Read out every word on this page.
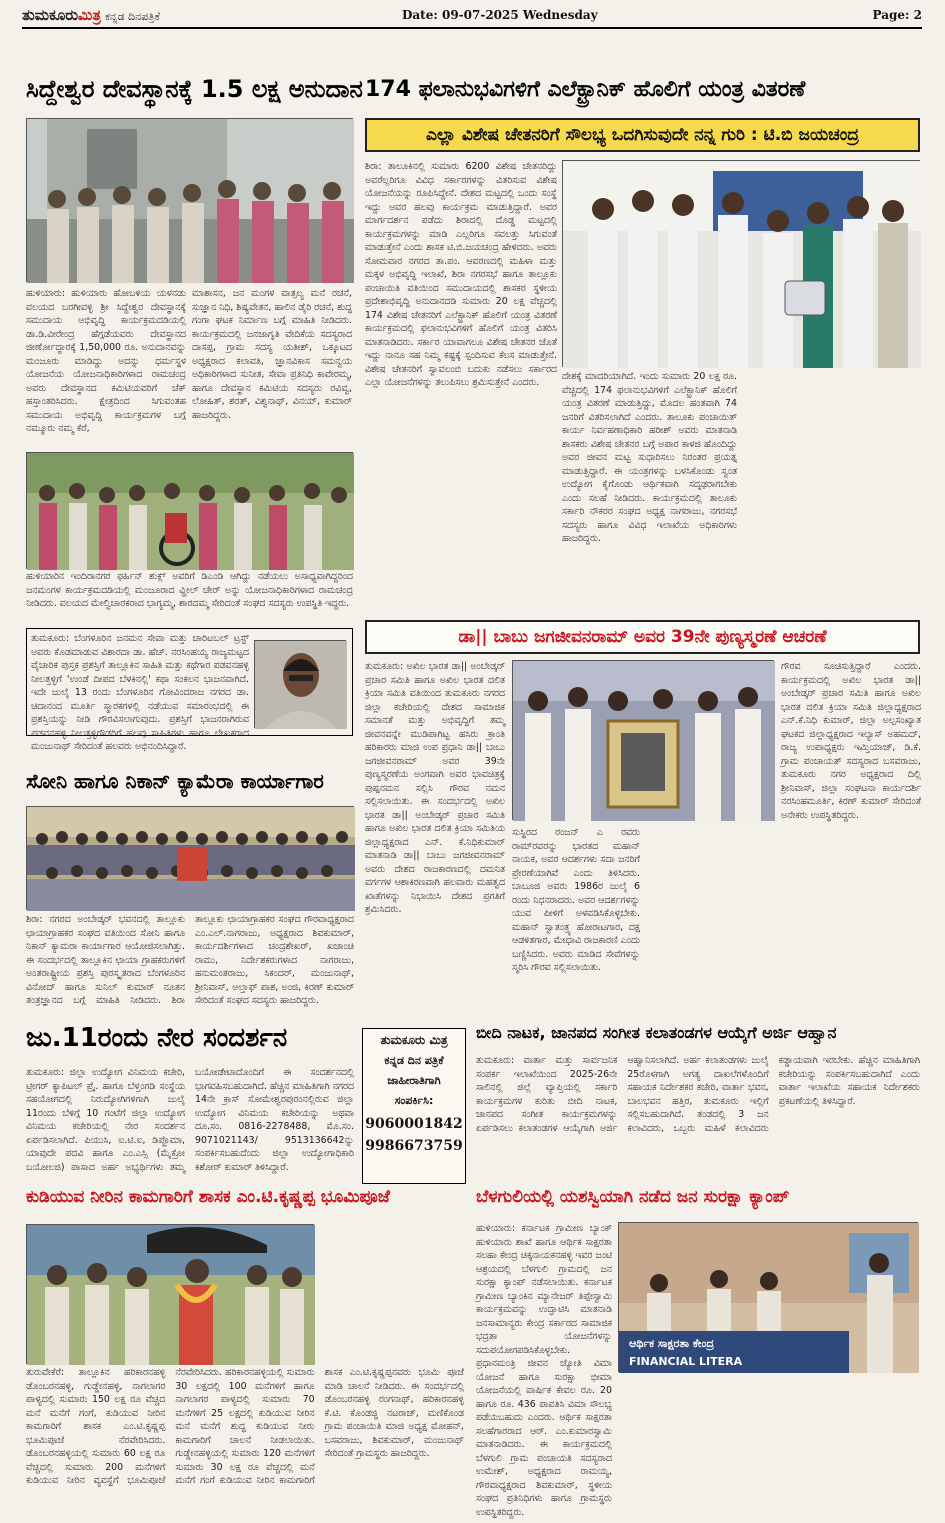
ತುಮಕೂರುಮಿತ್ರ ಕನ್ನಡ ದಿನಪತ್ರಿಕೆ	Date: 09-07-2025 Wednesday	Page: 2
ಸಿದ್ದೇಶ್ವರ ದೇವಸ್ಥಾನಕ್ಕೆ 1.5 ಲಕ್ಷ ಅನುದಾನ
ಹುಳಿಯಾರು: ಹುಳಿಯಾರು ಹೋಬಳಿಯ ಯಳನಡು ವಲಯದ ಬರಗೀವಳ್ಳಿ ಶ್ರೀ ಸಿದ್ದೇಶ್ವರ ದೇವಸ್ಥಾನಕ್ಕೆ ಸಮುದಾಯ ಅಭಿವೃದ್ಧಿ ಕಾರ್ಯಕ್ರಮದಡಿಯಲ್ಲಿ ಡಾ.ಡಿ.ವೀರೇಂದ್ರ ಹೆಗ್ಗಡೆಯವರು ದೇವಸ್ಥಾನದ ಜೀರ್ಣೋದ್ಧಾರಕ್ಕೆ 1,50,000 ರೂ. ಅನುದಾನವನ್ನು ಮಂಜೂರು ಮಾಡಿದ್ದು ಅದನ್ನು ಧರ್ಮಸ್ಥಳ ಯೋಜನೆಯ ಯೋಜನಾಧಿಕಾರಿಗಳಾದ ರಾಮಚಂದ್ರ ಅವರು ದೇವಸ್ಥಾನದ ಕಮಿಟಿಯವರಿಗೆ ಚೆಕ್ ಹಸ್ತಾಂತರಿಸಿದರು. ಕ್ಷೇತ್ರದಿಂದ ಸಿಗುವಂತಹ ಸಮುದಾಯ ಅಭಿವೃದ್ಧಿ ಕಾರ್ಯಕ್ರಮಗಳ ಬಗ್ಗೆ ನಮ್ಮೂರು ನಮ್ಮ ಕೆರೆ,
ಮಾಶಾಸನ, ಜನ ಮಂಗಳ ವಾತ್ಸಲ್ಯ ಮನೆ ರಚನೆ, ಸುಜ್ಞಾನ ನಿಧಿ, ಶಿಷ್ಯವೇತನ, ಹಾಲಿನ ಡೈರಿ ರಚನೆ, ಶುದ್ಧ ಗಂಗಾ ಘಟಕ ನಿರ್ಮಾಣ ಬಗ್ಗೆ ಮಾಹಿತಿ ನೀಡಿದರು. ಕಾರ್ಯಕ್ರಮದಲ್ಲಿ ಜನಜಾಗೃತಿ ವೇದಿಕೆಯ ಸದಸ್ಯರಾದ ದಾಸಪ್ಪ, ಗ್ರಾಮ ಸದಸ್ಯ ಯತೀಶ್, ಒಕ್ಕೂಟದ ಅಧ್ಯಕ್ಷರಾದ ಕಲಾವತಿ, ಜ್ಞಾನವಿಕಾಸ ಸಮನ್ವಯ ಅಧಿಕಾರಿಗಳಾದ ಸುನೀತ, ಸೇವಾ ಪ್ರತಿನಿಧಿ ಕಾವೇರಮ್ಮ, ಹಾಗೂ ದೇವಸ್ಥಾನ ಕಮಿಟಿಯ ಸದಸ್ಯರು ರವಿವ್ವ, ಲೋಹಿತ್, ಶರತ್, ವಿಶ್ವನಾಥ್, ವಿನಯ್, ಕುಮಾರ್ ಹಾಜರಿದ್ದರು.
ಹುಳಿಯಾರಿನ ಇಂದಿರಾನಗರ ಫರ್ಹಿನ್ ಶುಕ್ಲ್ ಅವರಿಗೆ ಡಿಎಂಡಿ ಆಗಿದ್ದು ನಡೆಯಲು ಅಸಾಧ್ಯವಾಗಿದ್ದರಿಂದ ಜನಮಂಗಳ ಕಾರ್ಯಕ್ರಮದಡಿಯಲ್ಲಿ ಮಂಜೂರಾದ ವ್ಹೀಲ್ ಚೇರ್ ಅನ್ನು ಯೋಜನಾಧಿಕಾರಿಗಳಾದ ರಾಮಚಂದ್ರ ನೀಡಿದರು. ವಲಯದ ಮೇಲ್ವಿಚಾರಕರಾದ ಭಾಗ್ಯಮ್ಮ, ಶಾರದಮ್ಮ ಸೇರಿದಂತೆ ಸಂಘದ ಸದಸ್ಯರು ಉಪಸ್ಥಿತಿ ಇದ್ದರು.
ತುಮಕೂರು: ಬೆಂಗಳೂರಿನ ಜನಮನ ಸೇವಾ ಮತ್ತು ಚಾರಿಟಬಲ್ ಟ್ರಸ್ಟ್ ಅವರು ಕೊಡಮಾಡುವ ವಿಶಾರದಾ ಡಾ. ಹೆಚ್. ನರಸಿಂಹಯ್ಯ ರಾಜ್ಯಮಟ್ಟದ ವೈಚಾರಿಕ ಪುಸ್ತಕ ಪ್ರಶಸ್ತಿಗೆ ತಾಲ್ಲೂಕಿನ ಸಾಹಿತಿ ಮತ್ತು ಕಥೆಗಾರ ಪಡವನಹಳ್ಳಿ ನೀಲತ್ತಳ್ಳಿಗೆ 'ಉಂಡೆ ದೀಪದ ಬೆಳಕಿನಲ್ಲಿ' ಕಥಾ ಸಂಕಲನ ಭಾಜನವಾಗಿದೆ. ಇದೇ ಜುಲೈ 13 ರಂದು ಬೆಂಗಳೂರಿನ ಗೋವಿಂದರಾಜ ನಗರದ ಡಾ. ಚಿದಾನಂದ ಮೂರ್ತಿ ಸ್ಮಾರಕಗಳಲ್ಲಿ ನಡೆಯುವ ಸಮಾರಂಭದಲ್ಲಿ ಈ ಪ್ರಶಸ್ತಿಯನ್ನು ನೀಡಿ ಗೌರವಿಸಲಾಗುವುದು. ಪ್ರಶಸ್ತಿಗೆ ಭಾಜನರಾಗಿರುವ ಪಡವನಹಳ್ಳಿ ನೀಲತ್ತಳ್ಳಿಗೌಡರಿಗೆ ಹಲವು ಸಾಹಿತಿಗಳು ಹಾಗೂ ಲೇಖಕರಾದ ಮಂಜುನಾಥ್ ಸೇರಿದಂತೆ ಹಲವರು ಅಭಿನಂದಿಸಿದ್ದಾರೆ.
ಸೋನಿ ಹಾಗೂ ನಿಕಾನ್ ಕ್ಯಾಮೆರಾ ಕಾರ್ಯಾಗಾರ
ಶಿರಾ: ನಗರದ ಅಂಬೇಡ್ಕರ್ ಭವನದಲ್ಲಿ ತಾಲ್ಲೂಕು ಛಾಯಾಗ್ರಾಹಕರ ಸಂಘದ ವತಿಯಿಂದ ಸೋನಿ ಹಾಗೂ ನಿಕಾನ್ ಕ್ಯಾಮರಾ ಕಾರ್ಯಾಗಾರ ಆಯೋಜಿಸಲಾಗಿತ್ತು. ಈ ಸಂದರ್ಭದಲ್ಲಿ ತಾಲ್ಲೂಕಿನ ಛಾಯಾ ಗ್ರಾಹಕರುಗಳಿಗೆ ಅಂತರಾಷ್ಟ್ರೀಯ ಪ್ರಶಸ್ತಿ ಪುರಸ್ಕೃತರಾದ ಬೆಂಗಳೂರಿನ ವಿನೋದ್ ಹಾಗೂ ಸುನಿಲ್ ಕುಮಾರ್ ನೂತನ ತಂತ್ರಜ್ಞಾನದ ಬಗ್ಗೆ ಮಾಹಿತಿ ನೀಡಿದರು. ಶಿರಾ ತಾಲ್ಲೂಕು ಛಾಯಾಗ್ರಾಹಕರ ಸಂಘದ ಗೌರವಾಧ್ಯಕ್ಷರಾದ ಎಂ.ಎಲ್.ನಾಗರಾಜು, ಅಧ್ಯಕ್ಷರಾದ ಶಿವಕುಮಾರ್, ಕಾರ್ಯದರ್ಶಿಗಳಾದ ಚಂದ್ರಶೇಖರ್, ಖಜಾಂಚಿ ರಾಮು, ನಿರ್ದೇಶಕರುಗಳಾದ ನಾಗರಾಜು, ಹನುಮಂತರಾಜು, ಸಿಕಂದರ್, ಮಂಜುನಾಥ್, ಶ್ರೀನಿವಾಸ್, ಅಲ್ತಾಫ್ ಪಾಶ, ಅಂಜಿ, ಕಿರಣ್ ಕುಮಾರ್ ಸೇರಿದಂತೆ ಸಂಘದ ಸದಸ್ಯರು ಹಾಜರಿದ್ದರು.
ಜು.11ರಂದು ನೇರ ಸಂದರ್ಶನ
ತುಮಕೂರು: ಜಿಲ್ಲಾ ಉದ್ಯೋಗ ವಿನಿಮಯ ಕಚೇರಿ, ಟ್ರೀಗರ್ ಕ್ಯಾಪಿಟಲ್ ಪ್ರೈ. ಹಾಗೂ ಬೆಳ್ತಂಗಡಿ ಸಂಸ್ಥೆಯ ಸಹಯೋಗದಲ್ಲಿ ನಿರುದ್ಯೋಗಿಗಳಿಗಾಗಿ ಜುಲೈ 11ರಂದು ಬೆಳಿಗ್ಗೆ 10 ಗಂಟೆಗೆ ಜಿಲ್ಲಾ ಉದ್ಯೋಗ ವಿನಿಮಯ ಕಚೇರಿಯಲ್ಲಿ ನೇರ ಸಂದರ್ಶನ ಏರ್ಪಡಿಸಲಾಗಿದೆ. ಪಿಯುಸಿ, ಐ.ಟಿ.ಐ, ಡಿಪ್ಲೊಮಾ, ಯಾವುದೇ ಪದವಿ ಹಾಗೂ ಎಂ.ಎಸ್ಸಿ (ಮೈಕ್ರೋ ಬಯೋಲಜಿ) ಪಾಸಾದ ಅರ್ಹ ಅಭ್ಯರ್ಥಿಗಳು ತಮ್ಮ ಬಯೋಡೇಟಾದೊಂದಿಗೆ ಈ ಸಂದರ್ಶನದಲ್ಲಿ ಭಾಗವಹಿಸಬಹುದಾಗಿದೆ. ಹೆಚ್ಚಿನ ಮಾಹಿತಿಗಾಗಿ ನಗರದ 14ನೇ ಕ್ರಾಸ್ ಸೋಮೇಶ್ವರಪುರಂನಲ್ಲಿರುವ ಜಿಲ್ಲಾ ಉದ್ಯೋಗ ವಿನಿಮಯ ಕಚೇರಿಯನ್ನು ಅಥವಾ ದೂ.ಸಂ. 0816-2278488, ಮೊ.ಸಂ. 9071021143/ 9513136642ನ್ನು ಸಂಪರ್ಕಿಸಬಹುದೆಂದು ಜಿಲ್ಲಾ ಉದ್ಯೋಗಾಧಿಕಾರಿ ಕಿಶೋರ್ ಕುಮಾರ್ ತಿಳಿಸಿದ್ದಾರೆ.
ತುಮಕೂರು ಮಿತ್ರ
ಕನ್ನಡ ದಿನ ಪತ್ರಿಕೆ
ಜಾಹೀರಾತಿಗಾಗಿ
ಸಂಪರ್ಕಿಸಿ:
9060001842
9986673759
ಕುಡಿಯುವ ನೀರಿನ ಕಾಮಗಾರಿಗೆ ಶಾಸಕ ಎಂ.ಟಿ.ಕೃಷ್ಣಪ್ಪ ಭೂಮಿಪೂಜೆ
ತುರುವೇಕೆರೆ: ತಾಲ್ಲೂಕಿನ ಹರಿಕಾರನಹಳ್ಳಿ ಡೊಂಬರನಹಳ್ಳಿ, ಗುಡ್ಡೇನಹಳ್ಳಿ, ನಾಗಲಾಗರ ಪಾಳ್ಯದಲ್ಲಿ ಸುಮಾರು 150 ಲಕ್ಷ ರೂ ವೆಚ್ಚದ ಮನೆ ಮನೆಗೆ ಗಂಗೆ, ಕುಡಿಯುವ ನೀರಿನ ಕಾಮಗಾರಿಗೆ ಶಾಸಕ ಎಂ.ಟಿ.ಕೃಷ್ಣಪ್ಪ ಭೂಮಿಪೂಜೆ ನೆರವೇರಿಸಿದರು. ಡೊಂಬರನಹಳ್ಳಿಯಲ್ಲಿ ಸುಮಾರು 60 ಲಕ್ಷ ರೂ ವೆಚ್ಚದಲ್ಲಿ ಸುಮಾರು 200 ಮನೆಗಳಿಗೆ ಕುಡಿಯುವ ನೀರಿನ ವ್ಯವಸ್ಥೆಗೆ ಭೂಮಿಪೂಜೆ ನೆರವೇರಿಸಿದರು. ಹರಿಕಾರನಹಳ್ಳಿಯಲ್ಲಿ ಸುಮಾರು 30 ಲಕ್ಷದಲ್ಲಿ 100 ಮನೆಗಳಿಗೆ ಹಾಗೂ ನಾಗಲಾಗರ ಪಾಳ್ಯದಲ್ಲಿ ಸುಮಾರು 70 ಮನೆಗಳಿಗೆ 25 ಲಕ್ಷದಲ್ಲಿ ಕುಡಿಯುವ ನೀರಿನ ಮನೆ ಮನೆಗೆ ಶುದ್ಧ ಕುಡಿಯುವ ನೀರು ಕಾಮಗಾರಿಗೆ ಚಾಲನೆ ನೀಡಲಾಯಿತು. ಗುಡ್ಡೇನಹಳ್ಳಿಯಲ್ಲಿ ಸುಮಾರು 120 ಮನೆಗಳಿಗೆ ಸುಮಾರು 30 ಲಕ್ಷ ರೂ ವೆಚ್ಚದಲ್ಲಿ ಮನೆ ಮನೆಗೆ ಗಂಗೆ ಕುಡಿಯುವ ನೀರಿನ ಕಾಮಗಾರಿಗೆ ಶಾಸಕ ಎಂ.ಟಿ.ಕೃಷ್ಣಪ್ಪನವರು ಭೂಮಿ ಪೂಜೆ ಮಾಡಿ ಚಾಲನೆ ನೀಡಿದರು. ಈ ಸಂದರ್ಭದಲ್ಲಿ ಡೊಂಬರನಹಳ್ಳಿ ರಂಗನಾಥ್, ಹರಿಕಾರನಹಳ್ಳಿ ಕೆ.ಟಿ. ಕೊಂಡಜ್ಜಿ ನಟರಾಜ್, ಮಣಿಕೊಂಡ ಗ್ರಾಮ ಪಂಚಾಯಿತಿ ಮಾಜಿ ಅಧ್ಯಕ್ಷ ಮೋಹನ್, ಬಸವರಾಜು, ಶಿವಕುಮಾರ್, ಮಂಜುನಾಥ್ ಸೇರಿದಂತೆ ಗ್ರಾಮಸ್ಥರು ಹಾಜರಿದ್ದರು.
174 ಫಲಾನುಭವಿಗಳಿಗೆ ಎಲೆಕ್ಟ್ರಾನಿಕ್ ಹೊಲಿಗೆ ಯಂತ್ರ ವಿತರಣೆ
ಎಲ್ಲಾ ವಿಶೇಷ ಚೇತನರಿಗೆ ಸೌಲಭ್ಯ ಒದಗಿಸುವುದೇ ನನ್ನ ಗುರಿ : ಟಿ.ಬಿ ಜಯಚಂದ್ರ
ಶಿರಾ: ತಾಲೂಕಿನಲ್ಲಿ ಸುಮಾರು 6200 ವಿಶೇಷ ಚೇತನರಿದ್ದು ಅವರೆಲ್ಲರಿಗೂ ವಿವಿಧ ಸರ್ಕಾರಗಳನ್ನು ವಿತರಿಸುವ ವಿಶೇಷ ಯೋಜನೆಯನ್ನು ರೂಪಿಸಿದ್ದೇನೆ. ದೇಶದ ಮಟ್ಟದಲ್ಲಿ ಒಂದು ಸಂಸ್ಥೆ ಇದ್ದು ಅವರ ಹಲವು ಕಾರ್ಯಕ್ರಮ ಮಾಡುತ್ತಿದ್ದಾರೆ. ಅವರ ಮಾರ್ಗದರ್ಶನ ಪಡೆದು ಶಿರಾದಲ್ಲಿ ದೊಡ್ಡ ಮಟ್ಟದಲ್ಲಿ ಕಾರ್ಯಕ್ರಮಗಳನ್ನು ಮಾಡಿ ಎಲ್ಲರಿಗೂ ಸವಲತ್ತು ಸಿಗುವಂತೆ ಮಾಡುತ್ತೇನೆ ಎಂದು ಶಾಸಕ ಟಿ.ಬಿ.ಜಯಚಂದ್ರ ಹೇಳಿದರು. ಅವರು ಸೋಮವಾರ ನಗರದ ತಾ.ಪಂ. ಆವರಣದಲ್ಲಿ ಮಹಿಳಾ ಮತ್ತು ಮಕ್ಕಳ ಅಭಿವೃದ್ಧಿ ಇಲಾಖೆ, ಶಿರಾ ನಗರಸಭೆ ಹಾಗೂ ತಾಲ್ಲೂಕು ಪಂಚಾಯಿತಿ ವತಿಯಿಂದ ಸಮುದಾಯದಲ್ಲಿ ಶಾಸಕರ ಸ್ಥಳೀಯ ಪ್ರದೇಶಾಭಿವೃದ್ಧಿ ಅನುದಾನದಡಿ ಸುಮಾರು 20 ಲಕ್ಷ ವೆಚ್ಚದಲ್ಲಿ 174 ವಿಶೇಷ ಚೇತನರಿಗೆ ಎಲೆಕ್ಟ್ರಾನಿಕ್ ಹೊಲಿಗೆ ಯಂತ್ರ ವಿತರಣೆ ಕಾರ್ಯಕ್ರಮದಲ್ಲಿ ಫಲಾನುಭವಿಗಳಿಗೆ ಹೊಲಿಗೆ ಯಂತ್ರ ವಿತರಿಸಿ ಮಾತನಾಡಿದರು. ಸರ್ಕಾರ ಯಾವಾಗಲೂ ವಿಶೇಷ ಚೇತನರ ಜೊತೆ ಇದ್ದು ನಾನೂ ಸಹ ನಿಮ್ಮ ಕಷ್ಟಕ್ಕೆ ಸ್ಪಂದಿಸುವ ಕೆಲಸ ಮಾಡುತ್ತೇನೆ. ವಿಶೇಷ ಚೇತನರಿಗೆ ಸ್ವಾವಲಂಬಿ ಬದುಕು ನಡೆಸಲು ಸರ್ಕಾರದ ಎಲ್ಲಾ ಯೋಜನೆಗಳನ್ನು ತಲುಪಿಸಲು ಶ್ರಮಿಸುತ್ತೇನೆ ಎಂದರು.
ದೇಶಕ್ಕೆ ಮಾದರಿಯಾಗಿದೆ. ಇಂದು ಸುಮಾರು 20 ಲಕ್ಷ ರೂ. ವೆಚ್ಚದಲ್ಲಿ 174 ಫಲಾನುಭವಿಗಳಿಗೆ ಎಲೆಕ್ಟ್ರಾನಿಕ್ ಹೊಲಿಗೆ ಯಂತ್ರ ವಿತರಣೆ ಮಾಡುತ್ತಿದ್ದು, ಮೊದಲ ಹಂತವಾಗಿ 74 ಜನರಿಗೆ ವಿತರಿಸಲಾಗಿದೆ ಎಂದರು. ತಾಲೂಕು ಪಂಚಾಯಿತ್ ಕಾರ್ಯ ನಿರ್ವಹಣಾಧಿಕಾರಿ ಹರೀಶ್ ಅವರು ಮಾತನಾಡಿ ಶಾಸಕರು ವಿಶೇಷ ಚೇತನರ ಬಗ್ಗೆ ಅಪಾರ ಕಾಳಜಿ ಹೊಂದಿದ್ದು ಅವರ ಜೀವನ ಮಟ್ಟ ಸುಧಾರಿಸಲು ನಿರಂತರ ಪ್ರಯತ್ನ ಮಾಡುತ್ತಿದ್ದಾರೆ. ಈ ಯಂತ್ರಗಳನ್ನು ಬಳಸಿಕೊಂಡು ಸ್ವಂತ ಉದ್ಯೋಗ ಕೈಗೊಂಡು ಆರ್ಥಿಕವಾಗಿ ಸದೃಢರಾಗಬೇಕು ಎಂದು ಸಲಹೆ ನೀಡಿದರು. ಕಾರ್ಯಕ್ರಮದಲ್ಲಿ ತಾಲೂಕು ಸರ್ಕಾರಿ ನೌಕರರ ಸಂಘದ ಅಧ್ಯಕ್ಷ ನಾಗರಾಜು, ನಗರಸಭೆ ಸದಸ್ಯರು ಹಾಗೂ ವಿವಿಧ ಇಲಾಖೆಯ ಅಧಿಕಾರಿಗಳು ಹಾಜರಿದ್ದರು.
ಡಾ|| ಬಾಬು ಜಗಜೀವನರಾಮ್ ಅವರ 39ನೇ ಪುಣ್ಯಸ್ಮರಣೆ ಆಚರಣೆ
ತುಮಕೂರು: ಅಖಿಲ ಭಾರತ ಡಾ|| ಅಂಬೇಡ್ಕರ್ ಪ್ರಚಾರ ಸಮಿತಿ ಹಾಗೂ ಅಖಿಲ ಭಾರತ ದಲಿತ ಕ್ರಿಯಾ ಸಮಿತಿ ವತಿಯಿಂದ ತುಮಕೂರು ನಗರದ ಜಿಲ್ಲಾ ಕಚೇರಿಯಲ್ಲಿ ದೇಶದ ಸಾಮಾಜಿಕ ಸಮಾನತೆ ಮತ್ತು ಅಭಿವೃದ್ಧಿಗೆ ತಮ್ಮ ಜೀವನವನ್ನೇ ಮುಡಿಪಾಗಿಟ್ಟ ಹಸಿರು ಕ್ರಾಂತಿ ಹರಿಕಾರರು ಮಾಜಿ ಉಪ ಪ್ರಧಾನಿ ಡಾ|| ಬಾಬು ಜಗಜೀವನರಾಮ್ ಅವರ 39ನೇ ಪುಣ್ಯಸ್ಮರಣೆಯ ಅಂಗವಾಗಿ ಅವರ ಭಾವಚಿತ್ರಕ್ಕೆ ಪುಷ್ಪನಮನ ಸಲ್ಲಿಸಿ ಗೌರವ ನಮನ ಸಲ್ಲಿಸಲಾಯಿತು. ಈ ಸಂದರ್ಭದಲ್ಲಿ ಅಖಿಲ ಭಾರತ ಡಾ|| ಅಂಬೇಡ್ಕರ್ ಪ್ರಚಾರ ಸಮಿತಿ ಹಾಗೂ ಅಖಿಲ ಭಾರತ ದಲಿತ ಕ್ರಿಯಾ ಸಮಿತಿಯ ಜಿಲ್ಲಾಧ್ಯಕ್ಷರಾದ ಎನ್. ಕೆ.ನಿಧಿಕುಮಾರ್ ಮಾತನಾಡಿ ಡಾ|| ಬಾಬು ಜಗಜೀವನರಾಮ್ ಅವರು ದೇಶದ ರಾಜಕಾರಣದಲ್ಲಿ ದಮನಿತ ವರ್ಗಗಳ ಆಶಾಕಿರಣವಾಗಿ ಹಲವಾರು ಮಹತ್ವದ ಖಾತೆಗಳನ್ನು ನಿಭಾಯಿಸಿ ದೇಶದ ಪ್ರಗತಿಗೆ ಶ್ರಮಿಸಿದರು.
ಸುಸ್ಥಿರದ ರಂಜನ್ ಎ ರವರು ರಾಮ್‌ರವರನ್ನು ಭಾರತದ ಮಹಾನ್ ನಾಯಕ, ಅವರ ಆದರ್ಶಗಳು ಸದಾ ಜನರಿಗೆ ಪ್ರೇರಣೆಯಾಗಿವೆ ಎಂದು ತಿಳಿಸಿದರು. ಬಾಬೂಜಿ ಅವರು 1986ರ ಜುಲೈ 6 ರಂದು ನಿಧನರಾದರು. ಅವರ ಆದರ್ಶಗಳನ್ನು ಯುವ ಪೀಳಿಗೆ ಅಳವಡಿಸಿಕೊಳ್ಳಬೇಕು. ಮಹಾನ್ ಸ್ವಾತಂತ್ರ್ಯ ಹೋರಾಟಗಾರ, ದಕ್ಷ ಆಡಳಿತಗಾರ, ಮೇಧಾವಿ ರಾಜಕಾರಣಿ ಎಂದು ಬಣ್ಣಿಸಿದರು. ಅವರು ಮಾಡಿದ ಸೇವೆಗಳನ್ನು ಸ್ಮರಿಸಿ ಗೌರವ ಸಲ್ಲಿಸಲಾಯಿತು.
ಗೌರವ ಸೂಚಿಸುತ್ತಿದ್ದಾರೆ ಎಂದರು. ಕಾರ್ಯಕ್ರಮದಲ್ಲಿ ಅಖಿಲ ಭಾರತ ಡಾ|| ಅಂಬೇಡ್ಕರ್ ಪ್ರಚಾರ ಸಮಿತಿ ಹಾಗೂ ಅಖಿಲ ಭಾರತ ದಲಿತ ಕ್ರಿಯಾ ಸಮಿತಿ ಜಿಲ್ಲಾಧ್ಯಕ್ಷರಾದ ಎನ್.ಕೆ.ನಿಧಿ ಕುಮಾರ್, ಜಿಲ್ಲಾ ಅಲ್ಪಸಂಖ್ಯಾತ ಘಟಕದ ಜಿಲ್ಲಾಧ್ಯಕ್ಷರಾದ ಇಲ್ಯಾಸ್ ಅಹಮದ್, ರಾಜ್ಯ ಉಪಾಧ್ಯಕ್ಷರು ಇಮ್ತಿಯಾಜ್, ಡಿ.ಕೆ. ಗ್ರಾಮ ಪಂಚಾಯತ್ ಸದಸ್ಯರಾದ ಬಸವರಾಜು, ತುಮಕೂರು ನಗರ ಅಧ್ಯಕ್ಷರಾದ ದಿಲ್ಲಿ ಶ್ರೀನಿವಾಸ್, ಜಿಲ್ಲಾ ಸಂಘಟನಾ ಕಾರ್ಯದರ್ಶಿ ನರಸಿಂಹಮೂರ್ತಿ, ಕಿರಣ್ ಕುಮಾರ್ ಸೇರಿದಂತೆ ಅನೇಕರು ಉಪಸ್ಥಿತರಿದ್ದರು.
ಬೀದಿ ನಾಟಕ, ಜಾನಪದ ಸಂಗೀತ ಕಲಾತಂಡಗಳ ಆಯ್ಕೆಗೆ ಅರ್ಜಿ ಆಹ್ವಾನ
ತುಮಕೂರು: ವಾರ್ತಾ ಮತ್ತು ಸಾರ್ವಜನಿಕ ಸಂಪರ್ಕ ಇಲಾಖೆಯಿಂದ 2025-26ನೇ ಸಾಲಿನಲ್ಲಿ ಜಿಲ್ಲೆ ವ್ಯಾಪ್ತಿಯಲ್ಲಿ ಸರ್ಕಾರಿ ಕಾರ್ಯಕ್ರಮಗಳ ಕುರಿತು ಬೀದಿ ನಾಟಕ, ಜಾನಪದ ಸಂಗೀತ ಕಾರ್ಯಕ್ರಮಗಳನ್ನು ಏರ್ಪಡಿಸಲು ಕಲಾತಂಡಗಳ ಆಯ್ಕೆಗಾಗಿ ಅರ್ಜಿ ಆಹ್ವಾನಿಸಲಾಗಿದೆ. ಅರ್ಹ ಕಲಾತಂಡಗಳು ಜುಲೈ 25ರೊಳಗಾಗಿ ಅಗತ್ಯ ದಾಖಲೆಗಳೊಂದಿಗೆ ಸಹಾಯಕ ನಿರ್ದೇಶಕರ ಕಚೇರಿ, ವಾರ್ತಾ ಭವನ, ಬಾಲಭವನ ಹತ್ತಿರ, ತುಮಕೂರು ಇಲ್ಲಿಗೆ ಸಲ್ಲಿಸಬಹುದಾಗಿದೆ. ತಂಡದಲ್ಲಿ 3 ಜನ ಕಲಾವಿದರು, ಒಬ್ಬರು ಮಹಿಳೆ ಕಲಾವಿದರು ಕಡ್ಡಾಯವಾಗಿ ಇರಬೇಕು. ಹೆಚ್ಚಿನ ಮಾಹಿತಿಗಾಗಿ ಕಚೇರಿಯನ್ನು ಸಂಪರ್ಕಿಸಬಹುದಾಗಿದೆ ಎಂದು ವಾರ್ತಾ ಇಲಾಖೆಯ ಸಹಾಯಕ ನಿರ್ದೇಶಕರು ಪ್ರಕಟಣೆಯಲ್ಲಿ ತಿಳಿಸಿದ್ದಾರೆ.
ಬೆಳಗುಲಿಯಲ್ಲಿ ಯಶಸ್ವಿಯಾಗಿ ನಡೆದ ಜನ ಸುರಕ್ಷಾ ಕ್ಯಾಂಪ್
ಹುಳಿಯಾರು: ಕರ್ನಾಟಕ ಗ್ರಾಮೀಣ ಬ್ಯಾಂಕ್ ಹುಳಿಯಾರು ಶಾಖೆ ಹಾಗೂ ಆರ್ಥಿಕ ಸಾಕ್ಷರತಾ ಸಲಹಾ ಕೇಂದ್ರ ಚಿಕ್ಕನಾಯಕನಹಳ್ಳಿ ಇವರ ಜಂಟಿ ಆಶ್ರಯದಲ್ಲಿ ಬೆಳಗುಲಿ ಗ್ರಾಮದಲ್ಲಿ ಜನ ಸುರಕ್ಷಾ ಕ್ಯಾಂಪ್ ನಡೆಸಲಾಯಿತು. ಕರ್ನಾಟಕ ಗ್ರಾಮೀಣ ಬ್ಯಾಂಕಿನ ಮ್ಯಾನೇಜರ್ ತಿಪ್ಪೇಸ್ವಾಮಿ ಕಾರ್ಯಕ್ರಮವನ್ನು ಉದ್ಘಾಟಿಸಿ ಮಾತನಾಡಿ ಜನಸಾಮಾನ್ಯರು ಕೇಂದ್ರ ಸರ್ಕಾರದ ಸಾಮಾಜಿಕ ಭದ್ರತಾ ಯೋಜನೆಗಳನ್ನು ಸದುಪಯೋಗಪಡಿಸಿಕೊಳ್ಳಬೇಕು. ಪ್ರಧಾನಮಂತ್ರಿ ಜೀವನ ಜ್ಯೋತಿ ವಿಮಾ ಯೋಜನೆ ಹಾಗೂ ಸುರಕ್ಷಾ ಭೀಮಾ ಯೋಜನೆಯಲ್ಲಿ ವಾರ್ಷಿಕ ಕೇವಲ ರೂ. 20 ಹಾಗೂ ರೂ. 436 ಪಾವತಿಸಿ ವಿಮಾ ಸೌಲಭ್ಯ ಪಡೆಯಬಹುದು ಎಂದರು. ಆರ್ಥಿಕ ಸಾಕ್ಷರತಾ ಸಲಹೆಗಾರರಾದ ಆರ್. ಎಂ.ಕುಮಾರಸ್ವಾಮಿ ಮಾತನಾಡಿದರು. ಈ ಕಾರ್ಯಕ್ರಮದಲ್ಲಿ ಬೆಳಗುಲಿ ಗ್ರಾಮ ಪಂಚಾಯತಿ ಸದಸ್ಯರಾದ ಉಮೇಶ್, ಅಧ್ಯಕ್ಷರಾದ ರಾಮಯ್ಯ, ಗೌರವಾಧ್ಯಕ್ಷರಾದ ಶಿವಕುಮಾರ್, ಸ್ಥಳೀಯ ಸಂಘದ ಪ್ರತಿನಿಧಿಗಳು ಹಾಗೂ ಗ್ರಾಮಸ್ಥರು ಉಪಸ್ಥಿತರಿದ್ದರು.
ಆರ್ಥಿಕ ಸಾಕ್ಷರತಾ ಕೇಂದ್ರ
FINANCIAL LITERA
